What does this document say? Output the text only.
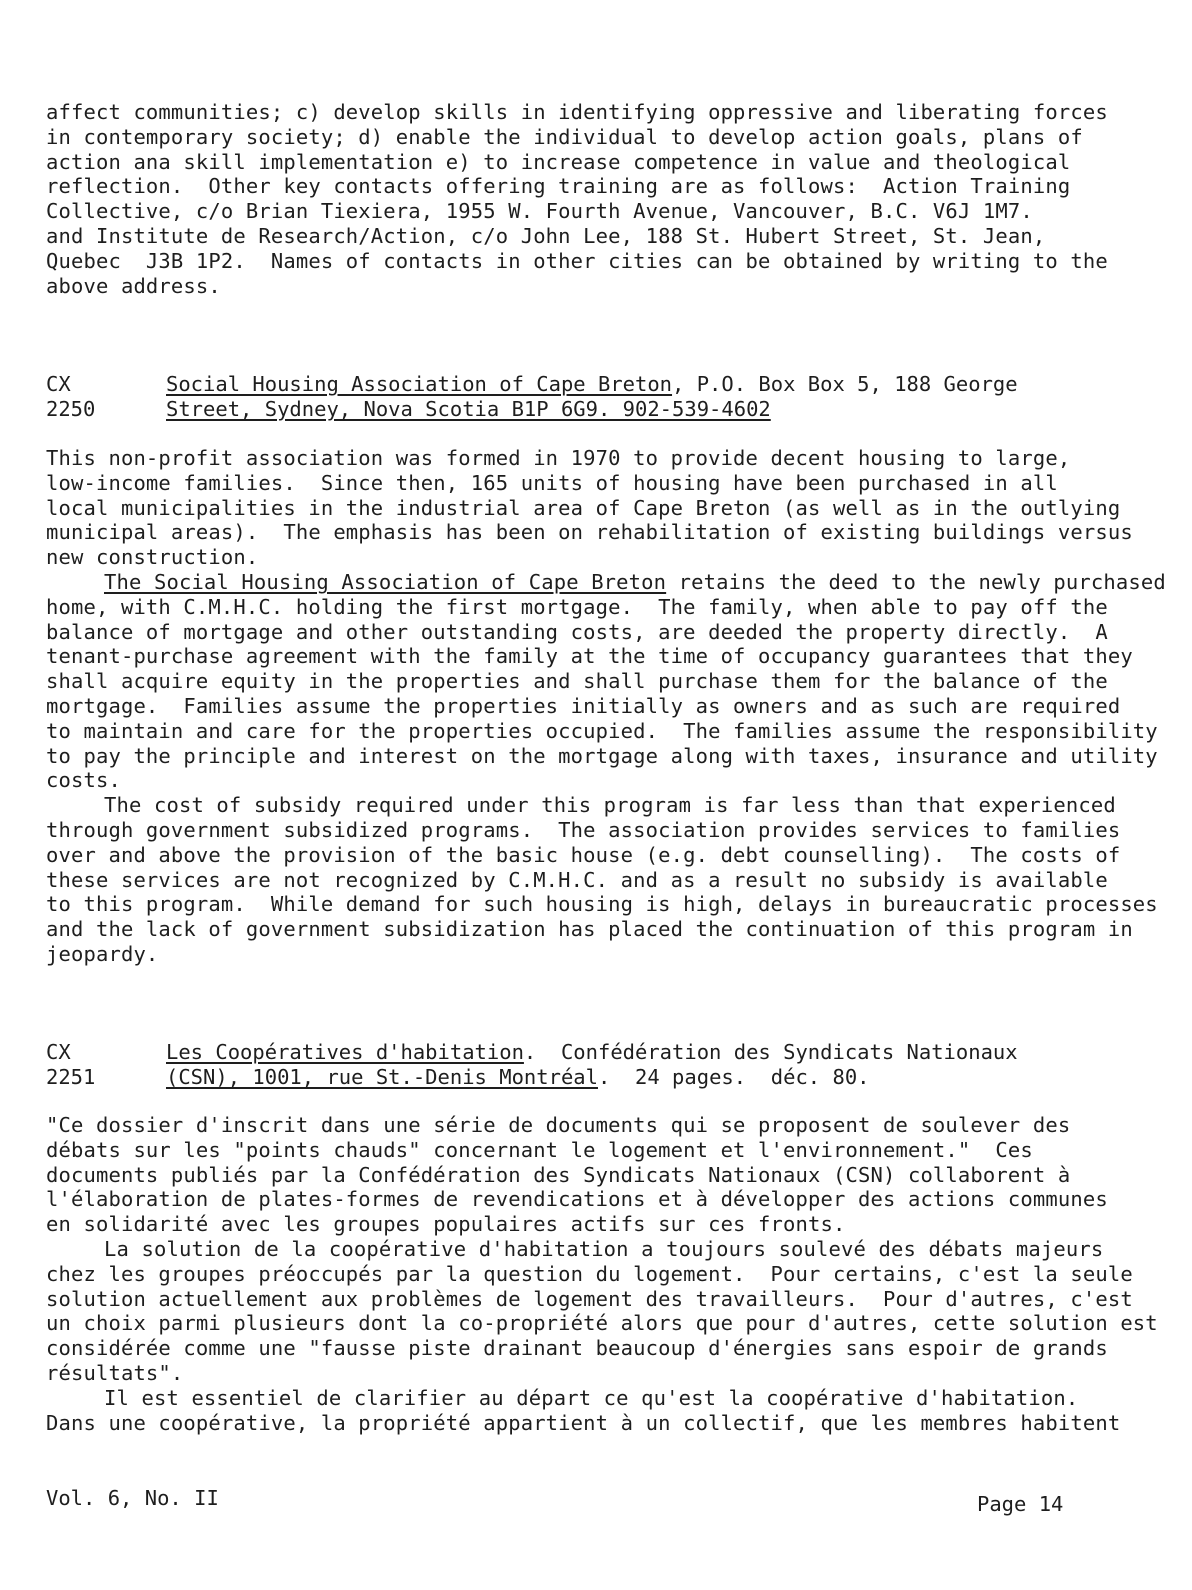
affect communities; c) develop skills in identifying oppressive and liberating forces
in contemporary society; d) enable the individual to develop action goals, plans of
action ana skill implementation e) to increase competence in value and theological
reflection.  Other key contacts offering training are as follows:  Action Training
Collective, c/o Brian Tiexiera, 1955 W. Fourth Avenue, Vancouver, B.C. V6J 1M7.
and Institute de Research/Action, c/o John Lee, 188 St. Hubert Street, St. Jean,
Quebec  J3B 1P2.  Names of contacts in other cities can be obtained by writing to the
above address.
CX	Social Housing Association of Cape Breton, P.O. Box Box 5, 188 George
2250	Street, Sydney, Nova Scotia B1P 6G9. 902-539-4602
This non-profit association was formed in 1970 to provide decent housing to large,
low-income families.  Since then, 165 units of housing have been purchased in all
local municipalities in the industrial area of Cape Breton (as well as in the outlying
municipal areas).  The emphasis has been on rehabilitation of existing buildings versus
new construction.
The Social Housing Association of Cape Breton retains the deed to the newly purchased
home, with C.M.H.C. holding the first mortgage.  The family, when able to pay off the
balance of mortgage and other outstanding costs, are deeded the property directly.  A
tenant-purchase agreement with the family at the time of occupancy guarantees that they
shall acquire equity in the properties and shall purchase them for the balance of the
mortgage.  Families assume the properties initially as owners and as such are required
to maintain and care for the properties occupied.  The families assume the responsibility
to pay the principle and interest on the mortgage along with taxes, insurance and utility
costs.
The cost of subsidy required under this program is far less than that experienced
through government subsidized programs.  The association provides services to families
over and above the provision of the basic house (e.g. debt counselling).  The costs of
these services are not recognized by C.M.H.C. and as a result no subsidy is available
to this program.  While demand for such housing is high, delays in bureaucratic processes
and the lack of government subsidization has placed the continuation of this program in
jeopardy.
CX	Les Coopératives d'habitation.  Confédération des Syndicats Nationaux
2251	(CSN), 1001, rue St.-Denis Montréal.  24 pages.  déc. 80.
"Ce dossier d'inscrit dans une série de documents qui se proposent de soulever des
débats sur les "points chauds" concernant le logement et l'environnement."  Ces
documents publiés par la Confédération des Syndicats Nationaux (CSN) collaborent à
l'élaboration de plates-formes de revendications et à développer des actions communes
en solidarité avec les groupes populaires actifs sur ces fronts.
La solution de la coopérative d'habitation a toujours soulevé des débats majeurs
chez les groupes préoccupés par la question du logement.  Pour certains, c'est la seule
solution actuellement aux problèmes de logement des travailleurs.  Pour d'autres, c'est
un choix parmi plusieurs dont la co-propriété alors que pour d'autres, cette solution est
considérée comme une "fausse piste drainant beaucoup d'énergies sans espoir de grands
résultats".
Il est essentiel de clarifier au départ ce qu'est la coopérative d'habitation.
Dans une coopérative, la propriété appartient à un collectif, que les membres habitent
Vol. 6, No. II	Page 14
